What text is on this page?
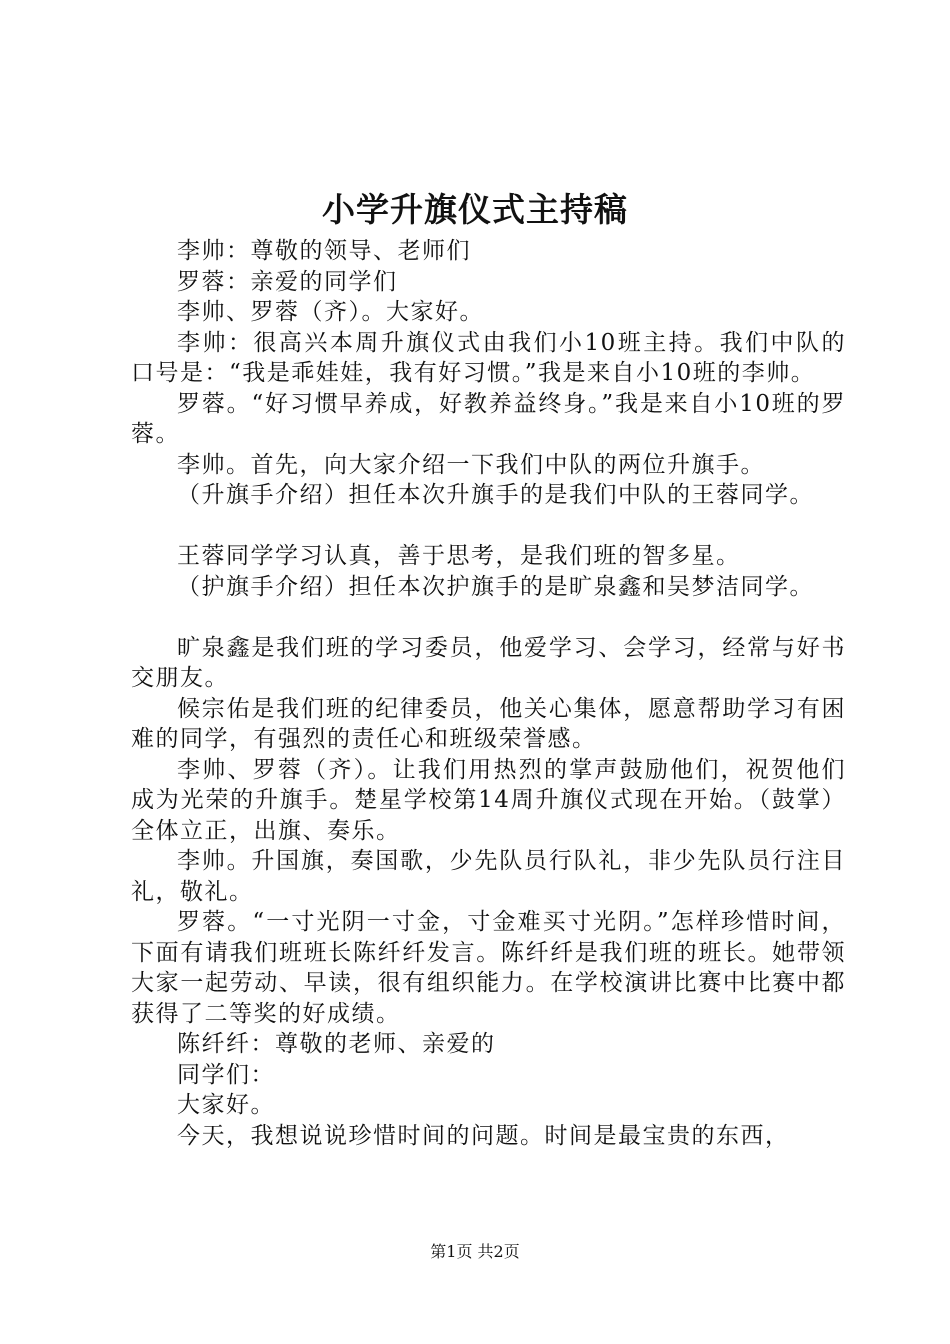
小学升旗仪式主持稿

李帅：尊敬的领导、老师们

罗蓉：亲爱的同学们

李帅、罗蓉（齐）。大家好。

李帅：很高兴本周升旗仪式由我们小10班主持。我们中队的口号是：“我是乖娃娃，我有好习惯。”我是来自小10班的李帅。

罗蓉。“好习惯早养成，好教养益终身。”我是来自小10班的罗蓉。

李帅。首先，向大家介绍一下我们中队的两位升旗手。

（升旗手介绍）担任本次升旗手的是我们中队的王蓉同学。

王蓉同学学习认真，善于思考，是我们班的智多星。

（护旗手介绍）担任本次护旗手的是旷泉鑫和吴梦洁同学。

旷泉鑫是我们班的学习委员，他爱学习、会学习，经常与好书交朋友。

候宗佑是我们班的纪律委员，他关心集体，愿意帮助学习有困难的同学，有强烈的责任心和班级荣誉感。

李帅、罗蓉（齐）。让我们用热烈的掌声鼓励他们，祝贺他们成为光荣的升旗手。楚星学校第14周升旗仪式现在开始。（鼓掌）全体立正，出旗、奏乐。

李帅。升国旗，奏国歌，少先队员行队礼，非少先队员行注目礼，敬礼。

罗蓉。“一寸光阴一寸金，寸金难买寸光阴。”怎样珍惜时间，下面有请我们班班长陈纤纤发言。陈纤纤是我们班的班长。她带领大家一起劳动、早读，很有组织能力。在学校演讲比赛中比赛中都获得了二等奖的好成绩。

陈纤纤：尊敬的老师、亲爱的

同学们：

大家好。

今天，我想说说珍惜时间的问题。时间是最宝贵的东西，

第1页 共2页
